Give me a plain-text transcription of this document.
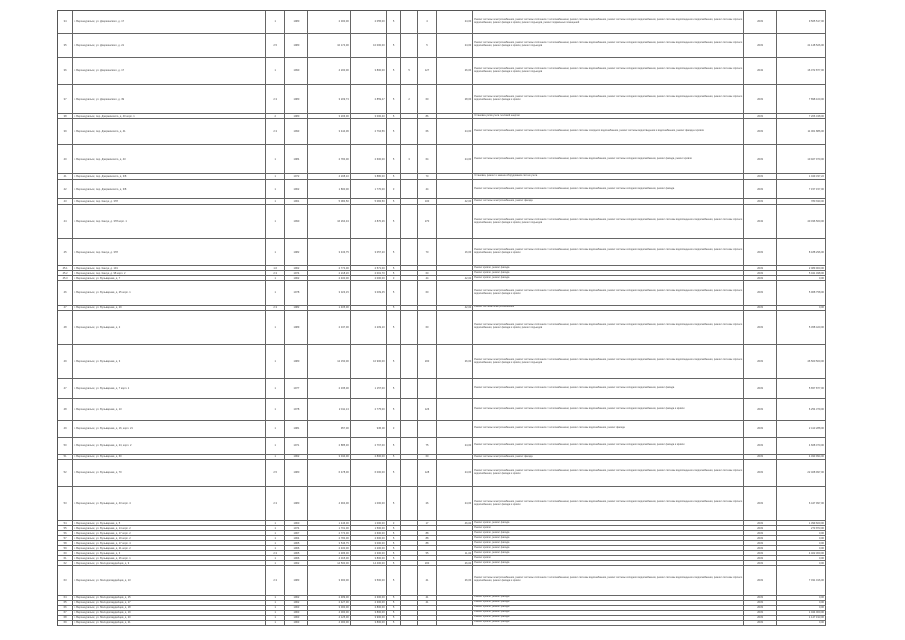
34	г. Верхнеуральск, ул. Дзержинского, д. 17	1	1980	2 300,00	2 055,00	5		4	24,00	Ремонт системы электроснабжения, ремонт системы отопления с теплоснабжением, ремонт системы водоснабжения, ремонт системы холодного водоснабжения, ремонт системы водоотведения и водоснабжения, ремонт системы горячего водоснабжения, ремонт фасада и кровли, ремонт подъездов, ремонт подвальных помещений	2033	9 565 517,00
35	г. Верхнеуральск, ул. Дзержинского, д. 21	2.5	1980	10 174,00	10 000,00	5		5	24,00	Ремонт системы электроснабжения, ремонт системы отопления с теплоснабжением, ремонт системы водоснабжения, ремонт системы холодного водоснабжения, ремонт системы водоотведения и водоснабжения, ремонт системы горячего водоснабжения, ремонт фасада и кровли, ремонт подъездов	2033	41 148 526,00
36	г. Верхнеуральск, ул. Дзержинского, д. 17	1	1990	4 200,00	3 800,00	5	5	127	26,00	Ремонт системы электроснабжения, ремонт системы отопления с теплоснабжением, ремонт системы водоснабжения, ремонт системы холодного водоснабжения, ремонт системы водоотведения и водоснабжения, ремонт системы горячего водоснабжения, ремонт фасада и кровли, ремонт подъездов	2043	16 072 877,00
37	г. Верхнеуральск, ул. Дзержинского, д. 39	2.3	1980	3 209,73	2 859,47	5	2	60	28,00	Ремонт системы электроснабжения, ремонт системы отопления с теплоснабжением, ремонт системы водоснабжения, ремонт системы холодного водоснабжения, ремонт системы водоотведения и водоснабжения, ремонт системы горячего водоснабжения, ремонт фасада и кровли	2033	7 898 100,00
38	г. Верхнеуральск, пер. Дзержинского, д. 40 корп. 1	2	1980	3 206,00	3 000,40	5		86		Установка узлов учета тепловой энергии	2033	7 206 438,00
39	г. Верхнеуральск, пер. Дзержинского, д. 41	2.3	1993	3 444,06	2 764,56	5		66	24,00	Ремонт системы электроснабжения, ремонт системы отопления с теплоснабжением, ремонт системы холодного водоснабжения, ремонт системы водоотведения и водоснабжения, ремонт фасада и кровли	2033	11 001 886,00
40	г. Верхнеуральск, пер. Дзержинского, д. 43	1	1984	2 784,00	2 600,00	5	3	64	24,00	Ремонт системы электроснабжения, ремонт системы отопления с теплоснабжением, ремонт системы водоснабжения, ремонт системы холодного водоснабжения, ремонт фасада, ремонт кровли	2033	10 927 970,00
41	г. Верхнеуральск, пер. Дзержинского, д. 3/8	1	1972	4 208,10	3 880,00	5		70		Установка, ремонт и замена оборудования систем учета	2033	1 049 337,22
42	г. Верхнеуральск, пер. Дзержинского, д. 3/8	1	1962	1 800,00	1 770,00	3		44		Ремонт системы электроснабжения, ремонт системы отопления с теплоснабжением, ремонт системы водоснабжения, ремонт системы холодного водоснабжения, ремонт фасада	2033	7 157 157,00
43	г. Верхнеуральск, пер. Кашук, д. 378	1	1961	5 084,50	5 084,50	5		100	42,00	Ремонт системы электроснабжения, ремонт фасада	2033	780 630,00
44	г. Верхнеуральск, пер. Кашук, д. 378 корп. 1	1	1990	16 264,34	4 870,26	5		270		Ремонт системы электроснабжения, ремонт системы отопления с теплоснабжением, ремонт системы водоснабжения, ремонт системы холодного водоснабжения, ремонт системы водоотведения и водоснабжения, ремонт системы горячего водоснабжения, ремонт фасада и кровли, ремонт подъездов	2043	40 036 560,00
45	г. Верхнеуральск, пер. Кашук, д. 378	1	1982	3 433,75	3 057,20	5		70	16,00	Ремонт системы электроснабжения, ремонт системы отопления с теплоснабжением, ремонт системы водоснабжения, ремонт системы холодного водоснабжения, ремонт системы водоотведения и водоснабжения, ремонт системы горячего водоснабжения, ремонт фасада и кровли	2033	8 188 296,00
45.1	г. Верхнеуральск, пер. Кашук, д. 101	1.6	1962	2 774,00	2 571,00	5				Ремонт кровли, ремонт фасада	2033	2 089 900,00
45.2	г. Верхнеуральск, пер. Кашук, д. 98 корп. 2	2.3	1974	2 218,20	2 001,70	5		60		Ремонт кровли, ремонт фасада	2033	5 041 498,00
45.3	г. Верхнеуральск, ул. Бульварная, д. 7	1	1962	2 400,00	2 000,00	3		44	42,00	Ремонт кровли, ремонт фасада	2033	0,00
46	г. Верхнеуральск, ул. Бульварная, д. 25 корп. 1	1	1978	3 323,15	3 009,45	5		60		Ремонт системы электроснабжения, ремонт системы отопления с теплоснабжением, ремонт системы водоснабжения, ремонт системы холодного водоснабжения, ремонт системы водоотведения и водоснабжения, ремонт системы горячего водоснабжения, ремонт фасада и кровли	2033	5 968 758,00
47	г. Верхнеуральск, ул. Бульварная, д. 29	2.3	1982	1 405,00		5			42,00	Ремонт системы электроснабжения	2033	0,00
48	г. Верхнеуральск, ул. Бульварная, д. 2	1	1989	2 347,00	2 209,10	5		60		Ремонт системы электроснабжения, ремонт системы отопления с теплоснабжением, ремонт системы водоснабжения, ремонт системы холодного водоснабжения, ремонт системы водоотведения и водоснабжения, ремонт системы горячего водоснабжения, ремонт фасада и кровли, ремонт подъездов	2033	5 458 420,00
49	г. Верхнеуральск, ул. Бульварная, д. 3	1	1980	12 150,00	10 900,00	5		200	26,00	Ремонт системы электроснабжения, ремонт системы отопления с теплоснабжением, ремонт системы водоснабжения, ремонт системы холодного водоснабжения, ремонт системы водоотведения и водоснабжения, ремонт системы горячего водоснабжения, ремонт фасада и кровли, ремонт подъездов	2033	46 500 500,00
47	г. Верхнеуральск, ул. Бульварная, д. 7 корп. 1	1	1977	2 335,00	1 157,00	5				Ремонт системы электроснабжения, ремонт системы отопления с теплоснабжением, ремонт системы водоснабжения, ремонт системы холодного водоснабжения, ремонт фасада	2033	5 657 877,00
48	г. Верхнеуральск, ул. Бульварная, д. 13	1	1978	2 911,13	2 775,00	5		126		Ремонт системы электроснабжения, ремонт системы отопления с теплоснабжением, ремонт системы водоснабжения, ремонт системы холодного водоснабжения, ремонт фасада и кровли	2033	6 254 379,00
49	г. Верхнеуральск, ул. Бульварная, д. 16, корп. 21	1	1981	957,00	945,00	3				Ремонт системы электроснабжения, ремонт системы отопления с теплоснабжением, ремонт системы водоснабжения, ремонт фасада	2033	2 413 288,00
50	г. Верхнеуральск, ул. Бульварная, д. 24, корп. 2	1	1971	2 885,30	2 767,00	5		75	24,00	Ремонт системы электроснабжения, ремонт системы отопления с теплоснабжением, ремонт системы водоснабжения, ремонт системы холодного водоснабжения, ремонт фасада и кровли	2033	4 668 070,00
51	г. Верхнеуральск, ул. Бульварная, д. 60	1	1962	3 044,00	2 800,00	5		60		Ремонт системы электроснабжения, ремонт фасада	2033	4 493 994,00
52	г. Верхнеуральск, ул. Бульварная, д. 70	2.5	1980	6 478,00	6 000,00	5		128	24,00	Ремонт системы электроснабжения, ремонт системы отопления с теплоснабжением, ремонт системы водоснабжения, ремонт системы холодного водоснабжения, ремонт системы водоотведения и водоснабжения, ремонт системы горячего водоснабжения, ремонт фасада и кровли	2033	22 408 997,00
53	г. Верхнеуральск, ул. Бульварная, д. 43 корп. 4	2.3	1980	4 904,00	1 000,00	5		26	24,00	Ремонт системы электроснабжения, ремонт системы отопления с теплоснабжением, ремонт системы водоснабжения, ремонт системы холодного водоснабжения, ремонт системы водоотведения и водоснабжения, ремонт системы горячего водоснабжения, ремонт фасада и кровли	2033	6 447 997,00
54	г. Верхнеуральск, ул. Бульварная, д. 5	1	1960	1 446,00	1 000,00	3		17	46,00	Ремонт кровли, ремонт фасада	2033	1 399 600,00
55	г. Верхнеуральск, ул. Бульварная, д. 14 корп. 2	1	1974	1 701,00	1 500,00	5				Ремонт кровли	2033	273 873,00
56	г. Верхнеуральск, ул. Бульварная, д. 17 корп. 2	1	1967	2 774,00	2 600,00	5		88		Ремонт кровли, ремонт фасада	2033	0,00
57	г. Верхнеуральск, ул. Бульварная, д. 19 корп. 2	1	1964	2 784,00	2 600,00	5		88		Ремонт кровли, ремонт фасада	2033	0,00
58	г. Верхнеуральск, ул. Бульварная, д. 17 корп. 4	1	1965	3 546,75	3 000,00	5		88		Ремонт кровли, ремонт фасада	2033	0,00
59	г. Верхнеуральск, ул. Бульварная, д. 21 корп. 2	1	1966	2 400,00	2 200,00	5				Ремонт кровли, ремонт фасада	2033	0,00
60	г. Верхнеуральск, ул. Бульварная, д. 3	2.3	1965	2 486,00	2 300,00	5		55	11,00	Ремонт кровли, ремонт фасада	2033	4 402 300,00
61	г. Верхнеуральск, ул. Бульварная, д. 26 корп. 1	1	1966	4 015,00	3 800,00	5				Ремонт кровли	2033	0,00
62	г. Верхнеуральск, ул. Молодогвардейцев, д. 9	1	1962	14 500,00	14 400,00	5		200	26,00	Ремонт кровли, ремонт фасада	2033	0,00
63	г. Верхнеуральск, ул. Молодогвардейцев, д. 13	2.3	1983	3 900,00	3 500,00	5		41	26,00	Ремонт системы электроснабжения, ремонт системы отопления с теплоснабжением, ремонт системы водоснабжения, ремонт системы холодного водоснабжения, ремонт системы водоотведения и водоснабжения, ремонт системы горячего водоснабжения, ремонт фасада и кровли	2033	7 031 016,00
64	г. Верхнеуральск, ул. Молодогвардейцев, д. 15	1	1962	2 489,00	2 300,00	5		41		Ремонт кровли, ремонт фасада	2033	0,00
65	г. Верхнеуральск, ул. Молодогвардейцев, д. 17	1	1962	2 427,00	2 300,00	5		41		Ремонт кровли, ремонт фасада	2033	0,00
66	г. Верхнеуральск, ул. Молодогвардейцев, д. 18	1	1963	3 000,00	2 800,00	5				Ремонт кровли, ремонт фасада	2033	0,00
67	г. Верхнеуральск, ул. Молодогвардейцев, д. 19	1	1963	4 000,00	3 800,00	5				Ремонт кровли, ремонт фасада	2033	1 044 000,00
68	г. Верхнеуральск, ул. Молодогвардейцев, д. 20	1	1963	4 125,00	3 900,00	5				Ремонт кровли, ремонт фасада	2033	1 147 193,00
69	г. Верхнеуральск, ул. Молодогвардейцев, д. 21	1	1963	4 000,00	3 800,00	5				Ремонт кровли, ремонт фасада	2033	0,00
